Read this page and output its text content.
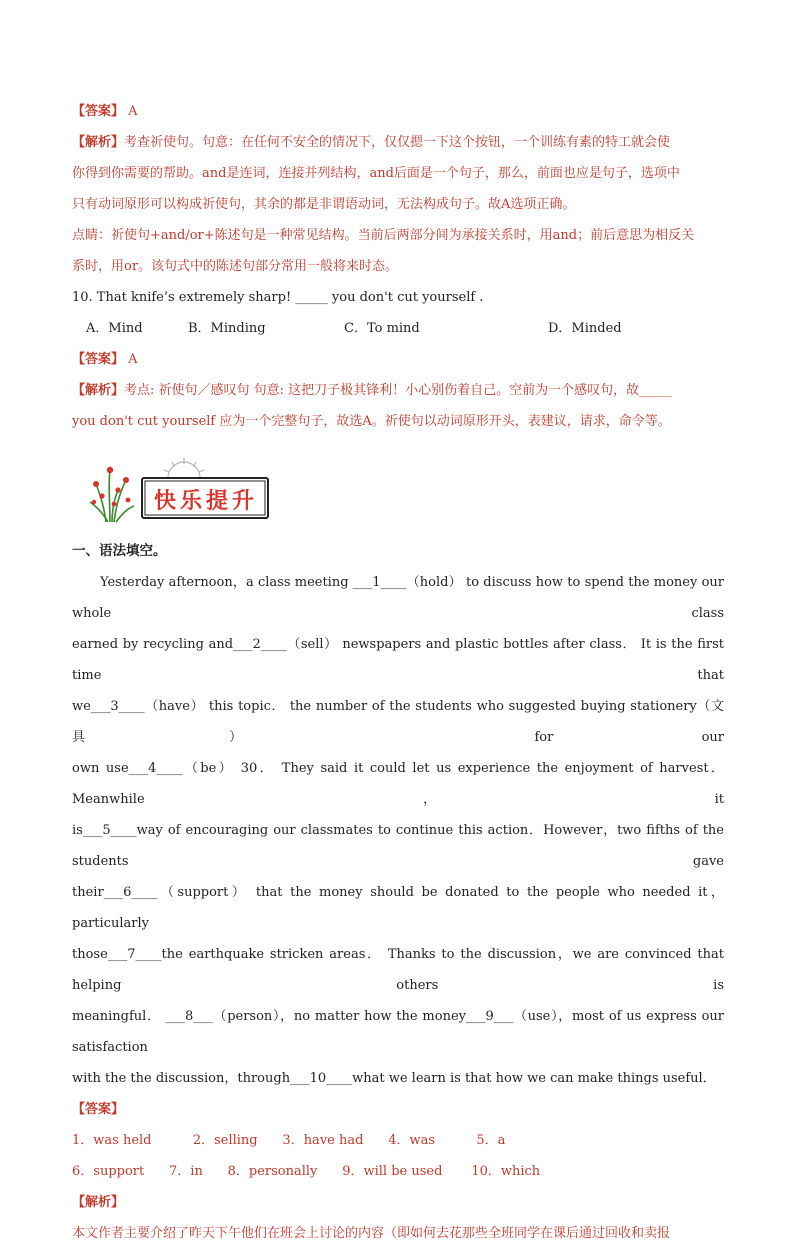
【答案】 A
【解析】考查祈使句。句意：在任何不安全的情况下，仅仅摁一下这个按钮，一个训练有素的特工就会使
你得到你需要的帮助。and是连词，连接并列结构，and后面是一个句子，那么，前面也应是句子，选项中
只有动词原形可以构成祈使句，其余的都是非谓语动词，无法构成句子。故A选项正确。
点睛：祈使句+and/or+陈述句是一种常见结构。当前后两部分间为承接关系时，用and；前后意思为相反关
系时，用or。该句式中的陈述句部分常用一般将来时态。
10. That knife’s extremely sharp! _____ you don't cut yourself .
A．Mind	B．Minding	C．To mind	D．Minded
【答案】 A
【解析】考点: 祈使句／感叹句 句意: 这把刀子极其锋利！小心别伤着自己。空前为一个感叹句，故_____
you don't cut yourself 应为一个完整句子，故选A。祈使句以动词原形开头，表建议，请求，命令等。
快乐提升
一、语法填空。
Yesterday afternoon，a class meeting ___1____（hold） to discuss how to spend the money our whole class
earned by recycling and___2____（sell） newspapers and plastic bottles after class． It is the first time that
we___3____（have） this topic． the number of the students who suggested buying stationery（文具） for our
own use___4____（be） 30． They said it could let us experience the enjoyment of harvest．Meanwhile，it
is___5____way of encouraging our classmates to continue this action．However，two fifths of the students gave
their___6____（support） that the money should be donated to the people who needed it，particularly
those___7____the earthquake stricken areas． Thanks to the discussion，we are convinced that helping others is
meaningful． ___8___（person），no matter how the money___9___（use），most of us express our satisfaction
with the the discussion，through___10____what we learn is that how we can make things useful．
【答案】
1．was held          2．selling      3．have had      4．was          5．a
6．support      7．in      8．personally      9．will be used       10．which
【解析】
本文作者主要介绍了昨天下午他们在班会上讨论的内容（即如何去花那些全班同学在课后通过回收和卖报
